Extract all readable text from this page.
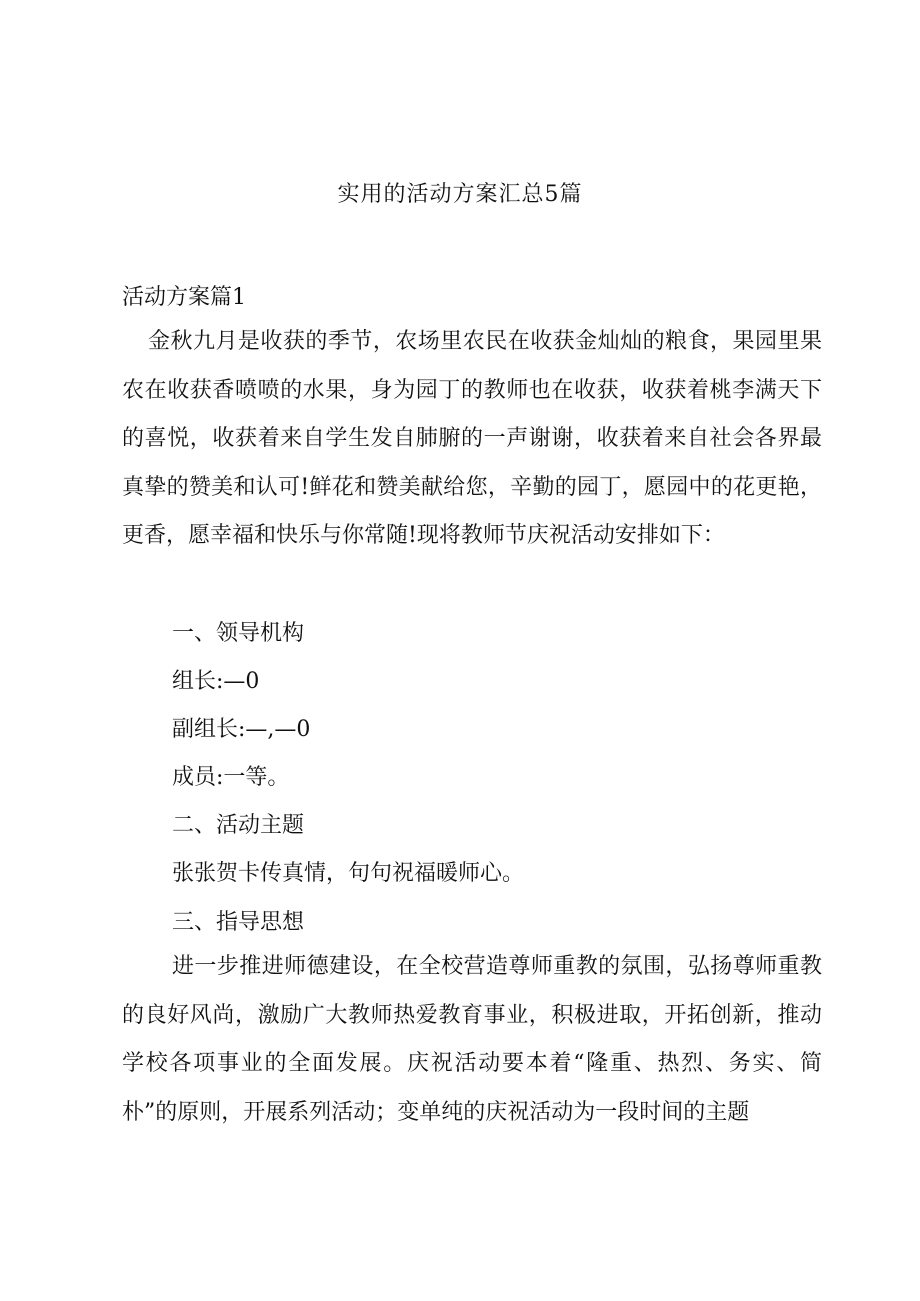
实用的活动方案汇总5篇
活动方案篇1

金秋九月是收获的季节，农场里农民在收获金灿灿的粮食，果园里果农在收获香喷喷的水果，身为园丁的教师也在收获，收获着桃李满天下的喜悦，收获着来自学生发自肺腑的一声谢谢，收获着来自社会各界最真挚的赞美和认可!鲜花和赞美献给您，辛勤的园丁，愿园中的花更艳，更香，愿幸福和快乐与你常随!现将教师节庆祝活动安排如下：

一、领导机构
组长:—0
副组长:—,—0
成员:一等。
二、活动主题
张张贺卡传真情，句句祝福暖师心。
三、指导思想

进一步推进师德建设，在全校营造尊师重教的氛围，弘扬尊师重教的良好风尚，激励广大教师热爱教育事业，积极进取，开拓创新，推动学校各项事业的全面发展。庆祝活动要本着“隆重、热烈、务实、简朴”的原则，开展系列活动；变单纯的庆祝活动为一段时间的主题
